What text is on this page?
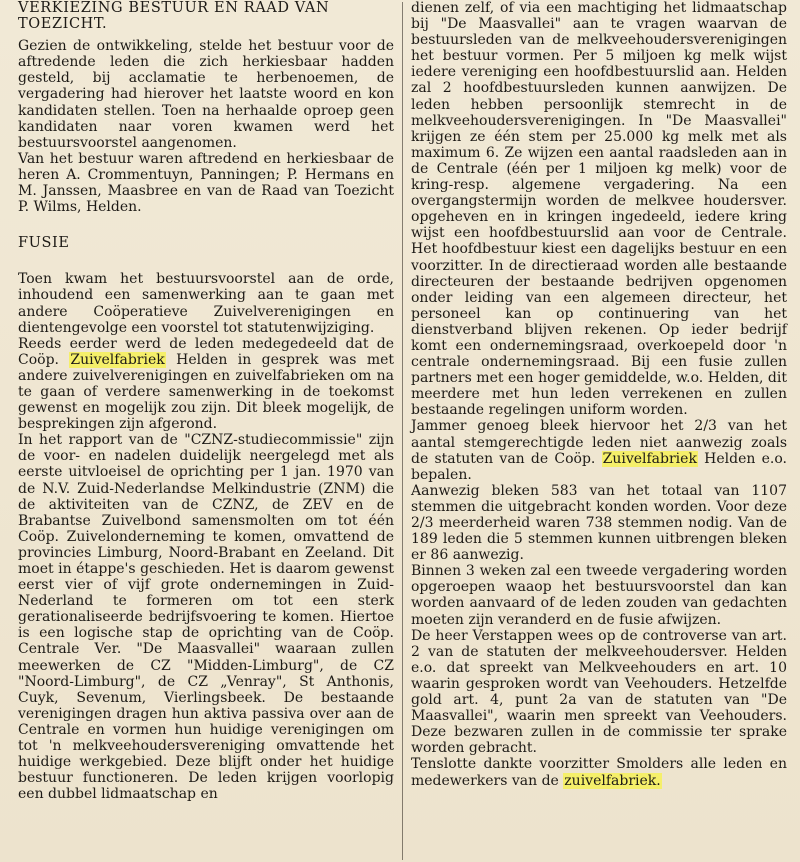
VERKIEZING BESTUUR EN RAAD VAN TOEZICHT.

Gezien de ontwikkeling, stelde het bestuur voor de aftredende leden die zich herkiesbaar hadden gesteld, bij acclamatie te herbenoemen, de vergadering had hierover het laatste woord en kon kandidaten stellen. Toen na herhaalde oproep geen kandidaten naar voren kwamen werd het bestuursvoorstel aangenomen.

Van het bestuur waren aftredend en herkiesbaar de heren A. Crommentuyn, Panningen; P. Hermans en M. Janssen, Maasbree en van de Raad van Toezicht P. Wilms, Helden.

FUSIE

Toen kwam het bestuursvoorstel aan de orde, inhoudend een samenwerking aan te gaan met andere Coöperatieve Zuivelverenigingen en dientengevolge een voorstel tot statutenwijziging.

Reeds eerder werd de leden medegedeeld dat de Coöp. Zuivelfabriek Helden in gesprek was met andere zuivelverenigingen en zuivelfabrieken om na te gaan of verdere samenwerking in de toekomst gewenst en mogelijk zou zijn. Dit bleek mogelijk, de besprekingen zijn afgerond.

In het rapport van de "CZNZ-studiecommissie" zijn de voor- en nadelen duidelijk neergelegd met als eerste uitvloeisel de oprichting per 1 jan. 1970 van de N.V. Zuid-Nederlandse Melkindustrie (ZNM) die de aktiviteiten van de CZNZ, de ZEV en de Brabantse Zuivelbond samensmolten om tot één Coöp. Zuivelonderneming te komen, omvattend de provincies Limburg, Noord-Brabant en Zeeland. Dit moet in étappe's geschieden. Het is daarom gewenst eerst vier of vijf grote ondernemingen in Zuid-Nederland te formeren om tot een sterk gerationaliseerde bedrijfsvoering te komen. Hiertoe is een logische stap de oprichting van de Coöp. Centrale Ver. "De Maasvallei" waaraan zullen meewerken de CZ "Midden-Limburg", de CZ "Noord-Limburg", de CZ „Venray", St Anthonis, Cuyk, Sevenum, Vierlingsbeek. De bestaande verenigingen dragen hun aktiva passiva over aan de Centrale en vormen hun huidige verenigingen om tot 'n melkveehoudersvereniging omvattende het huidige werkgebied. Deze blijft onder het huidige bestuur functioneren. De leden krijgen voorlopig een dubbel lidmaatschap en

dienen zelf, of via een machtiging het lidmaatschap bij "De Maasvallei" aan te vragen waarvan de bestuursleden van de melkveehoudersverenigingen het bestuur vormen. Per 5 miljoen kg melk wijst iedere vereniging een hoofdbestuurslid aan. Helden zal 2 hoofdbestuursleden kunnen aanwijzen. De leden hebben persoonlijk stemrecht in de melkveehoudersverenigingen. In "De Maasvallei" krijgen ze één stem per 25.000 kg melk met als maximum 6. Ze wijzen een aantal raadsleden aan in de Centrale (één per 1 miljoen kg melk) voor de kring-resp. algemene vergadering. Na een overgangstermijn worden de melkvee houdersver. opgeheven en in kringen ingedeeld, iedere kring wijst een hoofdbestuurslid aan voor de Centrale. Het hoofdbestuur kiest een dagelijks bestuur en een voorzitter. In de directieraad worden alle bestaande directeuren der bestaande bedrijven opgenomen onder leiding van een algemeen directeur, het personeel kan op continuering van het dienstverband blijven rekenen. Op ieder bedrijf komt een ondernemingsraad, overkoepeld door 'n centrale ondernemingsraad. Bij een fusie zullen partners met een hoger gemiddelde, w.o. Helden, dit meerdere met hun leden verrekenen en zullen bestaande regelingen uniform worden.

Jammer genoeg bleek hiervoor het 2/3 van het aantal stemgerechtigde leden niet aanwezig zoals de statuten van de Coöp. Zuivelfabriek Helden e.o. bepalen.

Aanwezig bleken 583 van het totaal van 1107 stemmen die uitgebracht konden worden. Voor deze 2/3 meerderheid waren 738 stemmen nodig. Van de 189 leden die 5 stemmen kunnen uitbrengen bleken er 86 aanwezig.

Binnen 3 weken zal een tweede vergadering worden opgeroepen waaop het bestuursvoorstel dan kan worden aanvaard of de leden zouden van gedachten moeten zijn veranderd en de fusie afwijzen.

De heer Verstappen wees op de controverse van art. 2 van de statuten der melkveehoudersver. Helden e.o. dat spreekt van Melkveehouders en art. 10 waarin gesproken wordt van Veehouders. Hetzelfde gold art. 4, punt 2a van de statuten van "De Maasvallei", waarin men spreekt van Veehouders. Deze bezwaren zullen in de commissie ter sprake worden gebracht.

Tenslotte dankte voorzitter Smolders alle leden en medewerkers van de zuivelfabriek.
